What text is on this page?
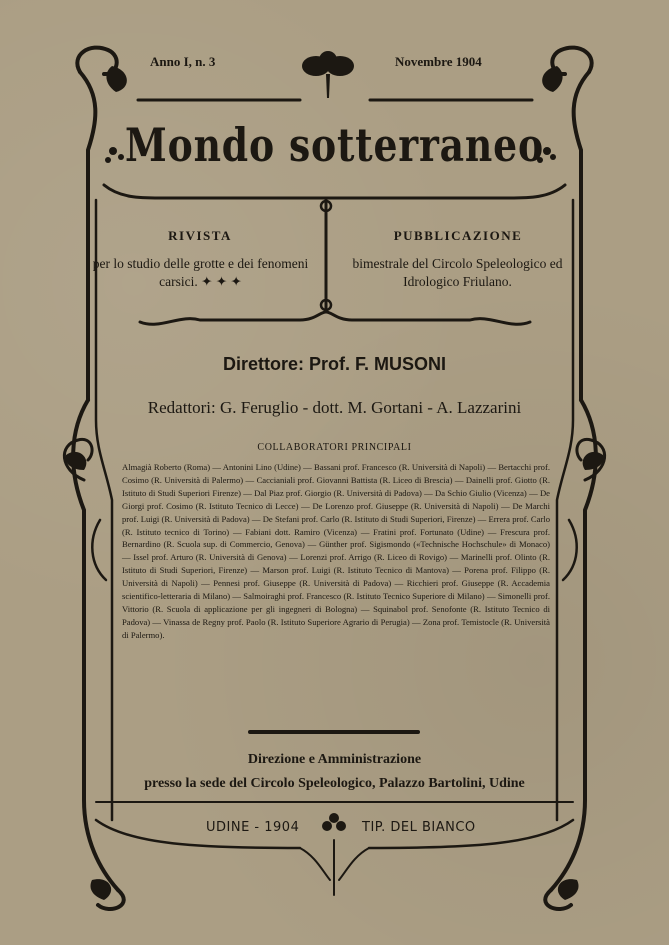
Anno I, n. 3	Novembre 1904
Mondo sotterraneo
RIVISTA
per lo studio delle grotte e dei fenomeni carsici. ✦ ✦ ✦
PUBBLICAZIONE
bimestrale del Circolo Speleologico ed Idrologico Friulano.
Direttore: Prof. F. MUSONI
Redattori: G. Feruglio - dott. M. Gortani - A. Lazzarini
COLLABORATORI PRINCIPALI
Almagià Roberto (Roma) — Antonini Lino (Udine) — Bassani prof. Francesco (R. Università di Napoli) — Bertacchi prof. Cosimo (R. Università di Palermo) — Caccianiali prof. Giovanni Battista (R. Liceo di Brescia) — Dainelli prof. Giotto (R. Istituto di Studi Superiori Firenze) — Dal Piaz prof. Giorgio (R. Università di Padova) — Da Schio Giulio (Vicenza) — De Giorgi prof. Cosimo (R. Istituto Tecnico di Lecce) — De Lorenzo prof. Giuseppe (R. Università di Napoli) — De Marchi prof. Luigi (R. Università di Padova) — De Stefani prof. Carlo (R. Istituto di Studi Superiori, Firenze) — Errera prof. Carlo (R. Istituto tecnico di Torino) — Fabiani dott. Ramiro (Vicenza) — Fratini prof. Fortunato (Udine) — Frescura prof. Bernardino (R. Scuola sup. di Commercio, Genova) — Günther prof. Sigismondo («Technische Hochschule» di Monaco) — Issel prof. Arturo (R. Università di Genova) — Lorenzi prof. Arrigo (R. Liceo di Rovigo) — Marinelli prof. Olinto (R. Istituto di Studi Superiori, Firenze) — Marson prof. Luigi (R. Istituto Tecnico di Mantova) — Porena prof. Filippo (R. Università di Napoli) — Pennesi prof. Giuseppe (R. Università di Padova) — Ricchieri prof. Giuseppe (R. Accademia scientifico-letteraria di Milano) — Salmoiraghi prof. Francesco (R. Istituto Tecnico Superiore di Milano) — Simonelli prof. Vittorio (R. Scuola di applicazione per gli ingegneri di Bologna) — Squinabol prof. Senofonte (R. Istituto Tecnico di Padova) — Vinassa de Regny prof. Paolo (R. Istituto Superiore Agrario di Perugia) — Zona prof. Temistocle (R. Università di Palermo).
Direzione e Amministrazione
presso la sede del Circolo Speleologico, Palazzo Bartolini, Udine
UDINE - 1904	TIP. DEL BIANCO
